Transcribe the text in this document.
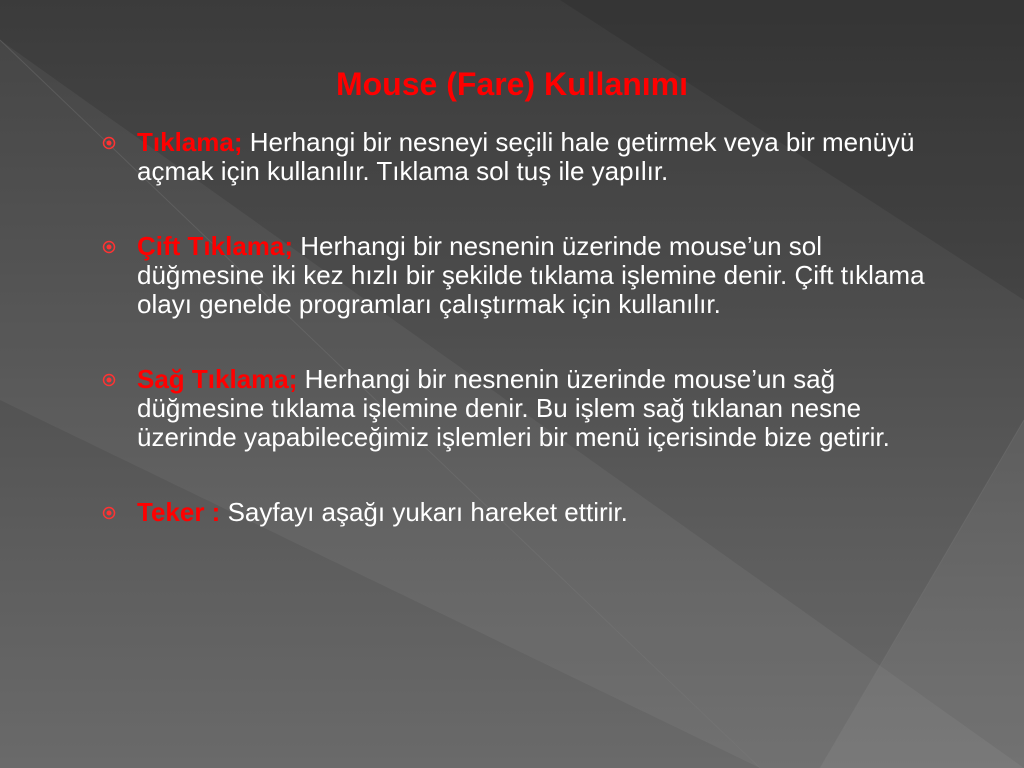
Mouse (Fare) Kullanımı
Tıklama; Herhangi bir nesneyi seçili hale getirmek veya bir menüyü açmak için kullanılır. Tıklama sol tuş ile yapılır.
Çift Tıklama; Herhangi bir nesnenin üzerinde mouse’un sol düğmesine iki kez hızlı bir şekilde tıklama işlemine denir. Çift tıklama olayı genelde programları çalıştırmak için kullanılır.
Sağ Tıklama; Herhangi bir nesnenin üzerinde mouse’un sağ düğmesine tıklama işlemine denir. Bu işlem sağ tıklanan nesne üzerinde yapabileceğimiz işlemleri bir menü içerisinde bize getirir.
Teker : Sayfayı aşağı yukarı hareket ettirir.
